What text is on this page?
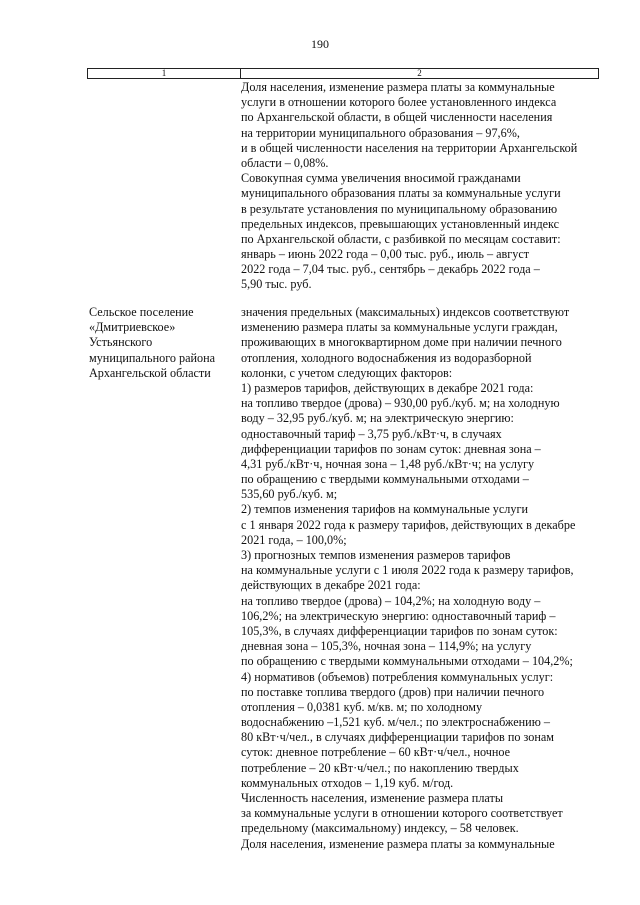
190
1	2
Доля населения, изменение размера платы за коммунальные
услуги в отношении которого более установленного индекса
по Архангельской области, в общей численности населения
на территории муниципального образования – 97,6%,
и в общей численности населения на территории Архангельской
области – 0,08%.
Совокупная сумма увеличения вносимой гражданами
муниципального образования платы за коммунальные услуги
в результате установления по муниципальному образованию
предельных индексов, превышающих установленный индекс
по Архангельской области, с разбивкой по месяцам составит:
январь – июнь 2022 года – 0,00 тыс. руб., июль – август
2022 года – 7,04 тыс. руб., сентябрь – декабрь 2022 года –
5,90 тыс. руб.
Сельское поселение
«Дмитриевское»
Устьянского
муниципального района
Архангельской области
значения предельных (максимальных) индексов соответствуют
изменению размера платы за коммунальные услуги граждан,
проживающих в многоквартирном доме при наличии печного
отопления, холодного водоснабжения из водоразборной
колонки, с учетом следующих факторов:
1) размеров тарифов, действующих в декабре 2021 года:
на топливо твердое (дрова) – 930,00 руб./куб. м; на холодную
воду – 32,95 руб./куб. м; на электрическую энергию:
одноставочный тариф – 3,75 руб./кВт·ч, в случаях
дифференциации тарифов по зонам суток: дневная зона –
4,31 руб./кВт·ч, ночная зона – 1,48 руб./кВт·ч; на услугу
по обращению с твердыми коммунальными отходами –
535,60 руб./куб. м;
2) темпов изменения тарифов на коммунальные услуги
с 1 января 2022 года к размеру тарифов, действующих в декабре
2021 года, – 100,0%;
3) прогнозных темпов изменения размеров тарифов
на коммунальные услуги с 1 июля 2022 года к размеру тарифов,
действующих в декабре 2021 года:
на топливо твердое (дрова) – 104,2%; на холодную воду –
106,2%; на электрическую энергию: одноставочный тариф –
105,3%, в случаях дифференциации тарифов по зонам суток:
дневная зона – 105,3%, ночная зона – 114,9%; на услугу
по обращению с твердыми коммунальными отходами – 104,2%;
4) нормативов (объемов) потребления коммунальных услуг:
по поставке топлива твердого (дров) при наличии печного
отопления – 0,0381 куб. м/кв. м; по холодному
водоснабжению –1,521 куб. м/чел.; по электроснабжению –
80 кВт·ч/чел., в случаях дифференциации тарифов по зонам
суток: дневное потребление – 60 кВт·ч/чел., ночное
потребление – 20 кВт·ч/чел.; по накоплению твердых
коммунальных отходов – 1,19 куб. м/год.
Численность населения, изменение размера платы
за коммунальные услуги в отношении которого соответствует
предельному (максимальному) индексу, – 58 человек.
Доля населения, изменение размера платы за коммунальные
